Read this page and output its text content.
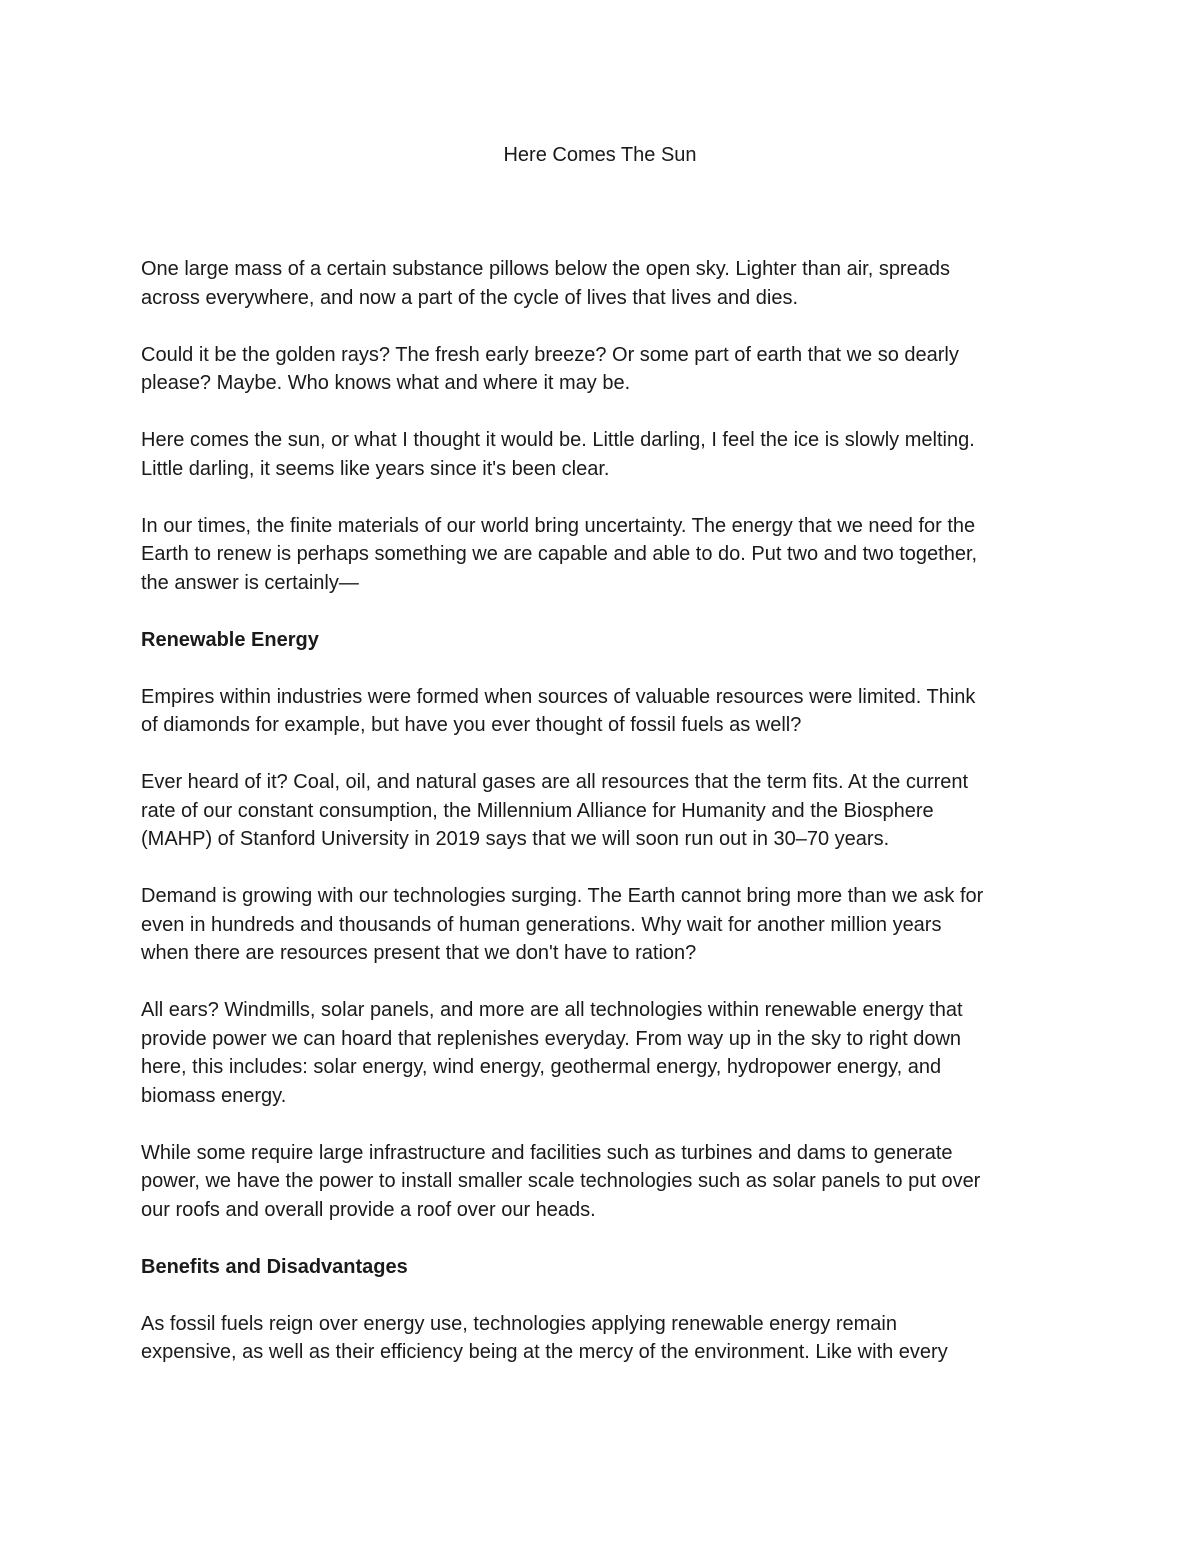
Here Comes The Sun

One large mass of a certain substance pillows below the open sky. Lighter than air, spreads
across everywhere, and now a part of the cycle of lives that lives and dies.

Could it be the golden rays? The fresh early breeze? Or some part of earth that we so dearly
please? Maybe. Who knows what and where it may be.

Here comes the sun, or what I thought it would be. Little darling, I feel the ice is slowly melting.
Little darling, it seems like years since it's been clear.

In our times, the finite materials of our world bring uncertainty. The energy that we need for the
Earth to renew is perhaps something we are capable and able to do. Put two and two together,
the answer is certainly—

Renewable Energy

Empires within industries were formed when sources of valuable resources were limited. Think
of diamonds for example, but have you ever thought of fossil fuels as well?

Ever heard of it? Coal, oil, and natural gases are all resources that the term fits. At the current
rate of our constant consumption, the Millennium Alliance for Humanity and the Biosphere
(MAHP) of Stanford University in 2019 says that we will soon run out in 30–70 years.

Demand is growing with our technologies surging. The Earth cannot bring more than we ask for
even in hundreds and thousands of human generations. Why wait for another million years
when there are resources present that we don't have to ration?

All ears? Windmills, solar panels, and more are all technologies within renewable energy that
provide power we can hoard that replenishes everyday. From way up in the sky to right down
here, this includes: solar energy, wind energy, geothermal energy, hydropower energy, and
biomass energy.

While some require large infrastructure and facilities such as turbines and dams to generate
power, we have the power to install smaller scale technologies such as solar panels to put over
our roofs and overall provide a roof over our heads.

Benefits and Disadvantages

As fossil fuels reign over energy use, technologies applying renewable energy remain
expensive, as well as their efficiency being at the mercy of the environment. Like with every
